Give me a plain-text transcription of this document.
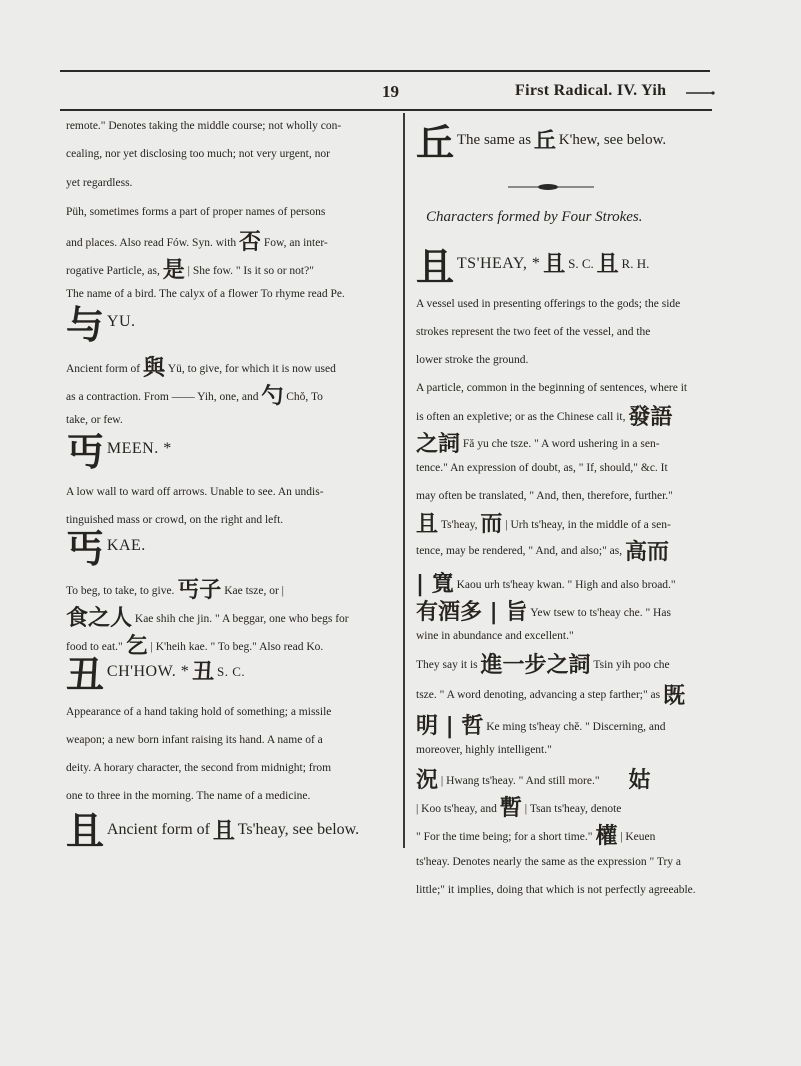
19	First Radical. IV. Yih
remote." Denotes taking the middle course; not wholly con-
cealing, nor yet disclosing too much; not very urgent, nor
yet regardless.
Püh, sometimes forms a part of proper names of persons
and places. Also read Fów. Syn. with 否 Fow, an inter-
rogative Particle, as, 是 | She fow. " Is it so or not?"
The name of a bird. The calyx of a flower To rhyme read Pe.
与 YU.
Ancient form of 與 Yü, to give, for which it is now used
as a contraction. From —— Yih, one, and 勺 Chŏ, To
take, or few.
丏 MEEN. *
A low wall to ward off arrows. Unable to see. An undis-
tinguished mass or crowd, on the right and left.
丐 KAE.
To beg, to take, to give. 丐子 Kae tsze, or |
食之人 Kae shih che jin. " A beggar, one who begs for
food to eat." 乞 | K'heih kae. " To beg." Also read Ko.
丑 CH'HOW. * 丑 S. C.
Appearance of a hand taking hold of something; a missile
weapon; a new born infant raising its hand. A name of a
deity. A horary character, the second from midnight; from
one to three in the morning. The name of a medicine.
且 Ancient form of 且 Ts'heay, see below.
丘 The same as 丘 K'hew, see below.
Characters formed by Four Strokes.
且 TS'HEAY, * 且 S. C. 且 R. H.
A vessel used in presenting offerings to the gods; the side
strokes represent the two feet of the vessel, and the
lower stroke the ground.
A particle, common in the beginning of sentences, where it
is often an expletive; or as the Chinese call it, 發語
之詞 Fă yu che tsze. " A word ushering in a sen-
tence." An expression of doubt, as, " If, should," &c. It
may often be translated, " And, then, therefore, further."
且 Ts'heay, 而 | Urh ts'heay, in the middle of a sen-
tence, may be rendered, " And, and also;" as, 高而
| 寬 Kaou urh ts'heay kwan. " High and also broad."
有酒多 | 旨 Yew tsew to ts'heay che. " Has
wine in abundance and excellent."
They say it is 進一步之詞 Tsin yih poo che
tsze. " A word denoting, advancing a step farther;" as 既
明 | 哲 Ke ming ts'heay chĕ. " Discerning, and
moreover, highly intelligent."
況 | Hwang ts'heay. " And still more." 姑
| Koo ts'heay, and 暫 | Tsan ts'heay, denote
" For the time being; for a short time." 權 | Keuen
ts'heay. Denotes nearly the same as the expression " Try a
little;" it implies, doing that which is not perfectly agreeable.
